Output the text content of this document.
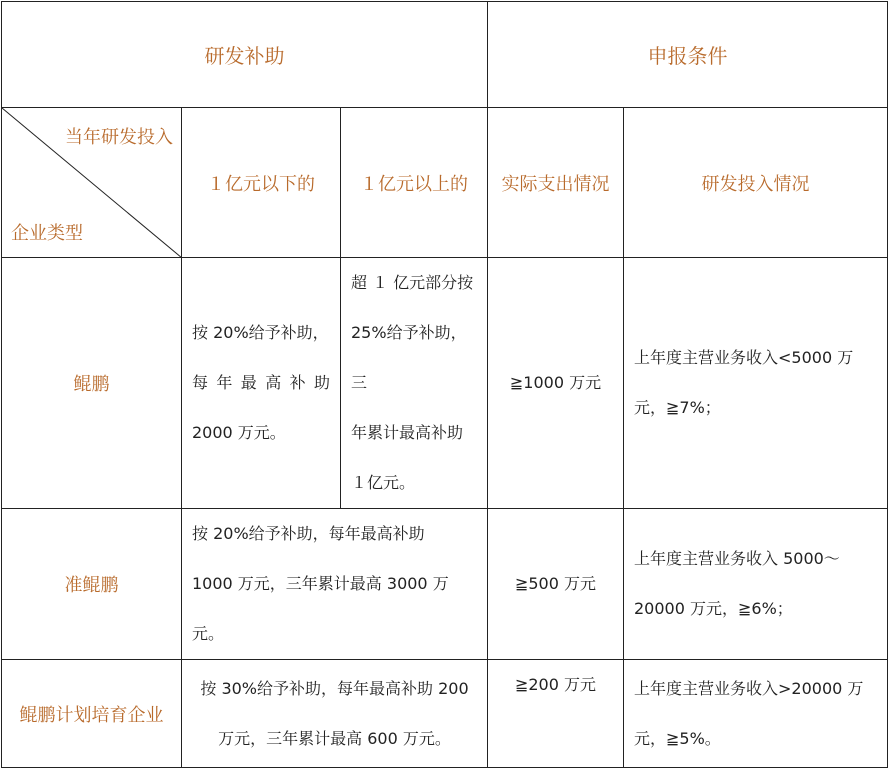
研发补助			申报条件	

当年研发投入
企业类型	１亿元以下的	１亿元以上的	实际支出情况	研发投入情况
鲲鹏	按 20%给予补助，
每 年 最 高 补 助
2000 万元。	超 １ 亿元部分按
25%给予补助，三
年累计最高补助
１亿元。	≧1000 万元	上年度主营业务收入<5000 万
元，≧7%；

准鲲鹏	按 20%给予补助，每年最高补助
1000 万元，三年累计最高 3000 万
元。		≧500 万元	上年度主营业务收入 5000～
20000 万元，≧6%；

鲲鹏计划培育企业	按 30%给予补助，每年最高补助 200
万元，三年累计最高 600 万元。		≧200 万元	上年度主营业务收入>20000 万
元，≧5%。
